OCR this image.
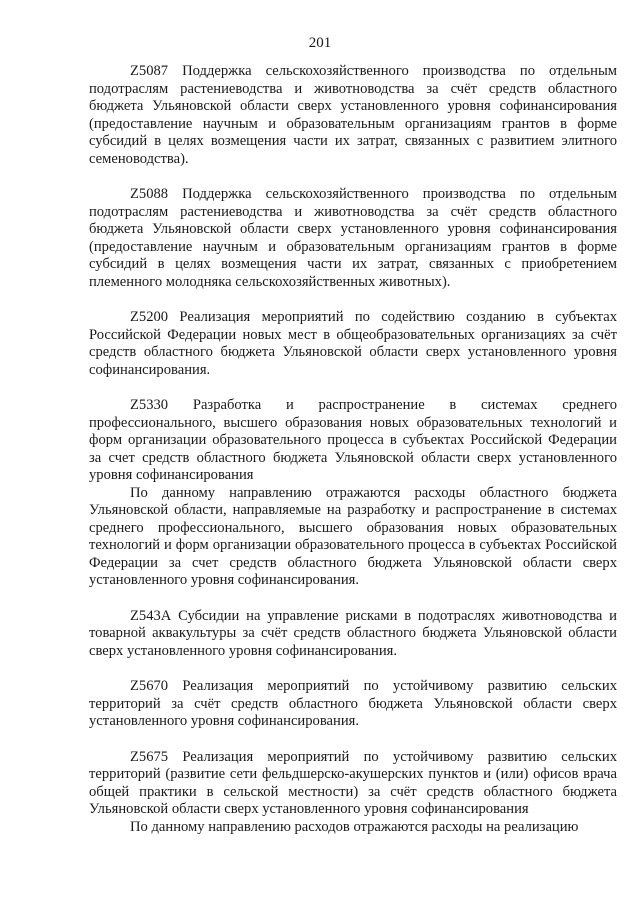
201

Z5087 Поддержка сельскохозяйственного производства по отдельным подотраслям растениеводства и животноводства за счёт средств областного бюджета Ульяновской области сверх установленного уровня софинансирования (предоставление научным и образовательным организациям грантов в форме субсидий в целях возмещения части их затрат, связанных с развитием элитного семеноводства).

Z5088 Поддержка сельскохозяйственного производства по отдельным подотраслям растениеводства и животноводства за счёт средств областного бюджета Ульяновской области сверх установленного уровня софинансирования (предоставление научным и образовательным организациям грантов в форме субсидий в целях возмещения части их затрат, связанных с приобретением племенного молодняка сельскохозяйственных животных).

Z5200 Реализация мероприятий по содействию созданию в субъектах Российской Федерации новых мест в общеобразовательных организациях за счёт средств областного бюджета Ульяновской области сверх установленного уровня софинансирования.

Z5330 Разработка и распространение в системах среднего профессионального, высшего образования новых образовательных технологий и форм организации образовательного процесса в субъектах Российской Федерации за счет средств областного бюджета Ульяновской области сверх установленного уровня софинансирования

По данному направлению отражаются расходы областного бюджета Ульяновской области, направляемые на разработку и распространение в системах среднего профессионального, высшего образования новых образовательных технологий и форм организации образовательного процесса в субъектах Российской Федерации за счет средств областного бюджета Ульяновской области сверх установленного уровня софинансирования.

Z543А Субсидии на управление рисками в подотраслях животноводства и товарной аквакультуры за счёт средств областного бюджета Ульяновской области сверх установленного уровня софинансирования.

Z5670 Реализация мероприятий по устойчивому развитию сельских территорий за счёт средств областного бюджета Ульяновской области сверх установленного уровня софинансирования.

Z5675 Реализация мероприятий по устойчивому развитию сельских территорий (развитие сети фельдшерско-акушерских пунктов и (или) офисов врача общей практики в сельской местности) за счёт средств областного бюджета Ульяновской области сверх установленного уровня софинансирования

По данному направлению расходов отражаются расходы на реализацию
